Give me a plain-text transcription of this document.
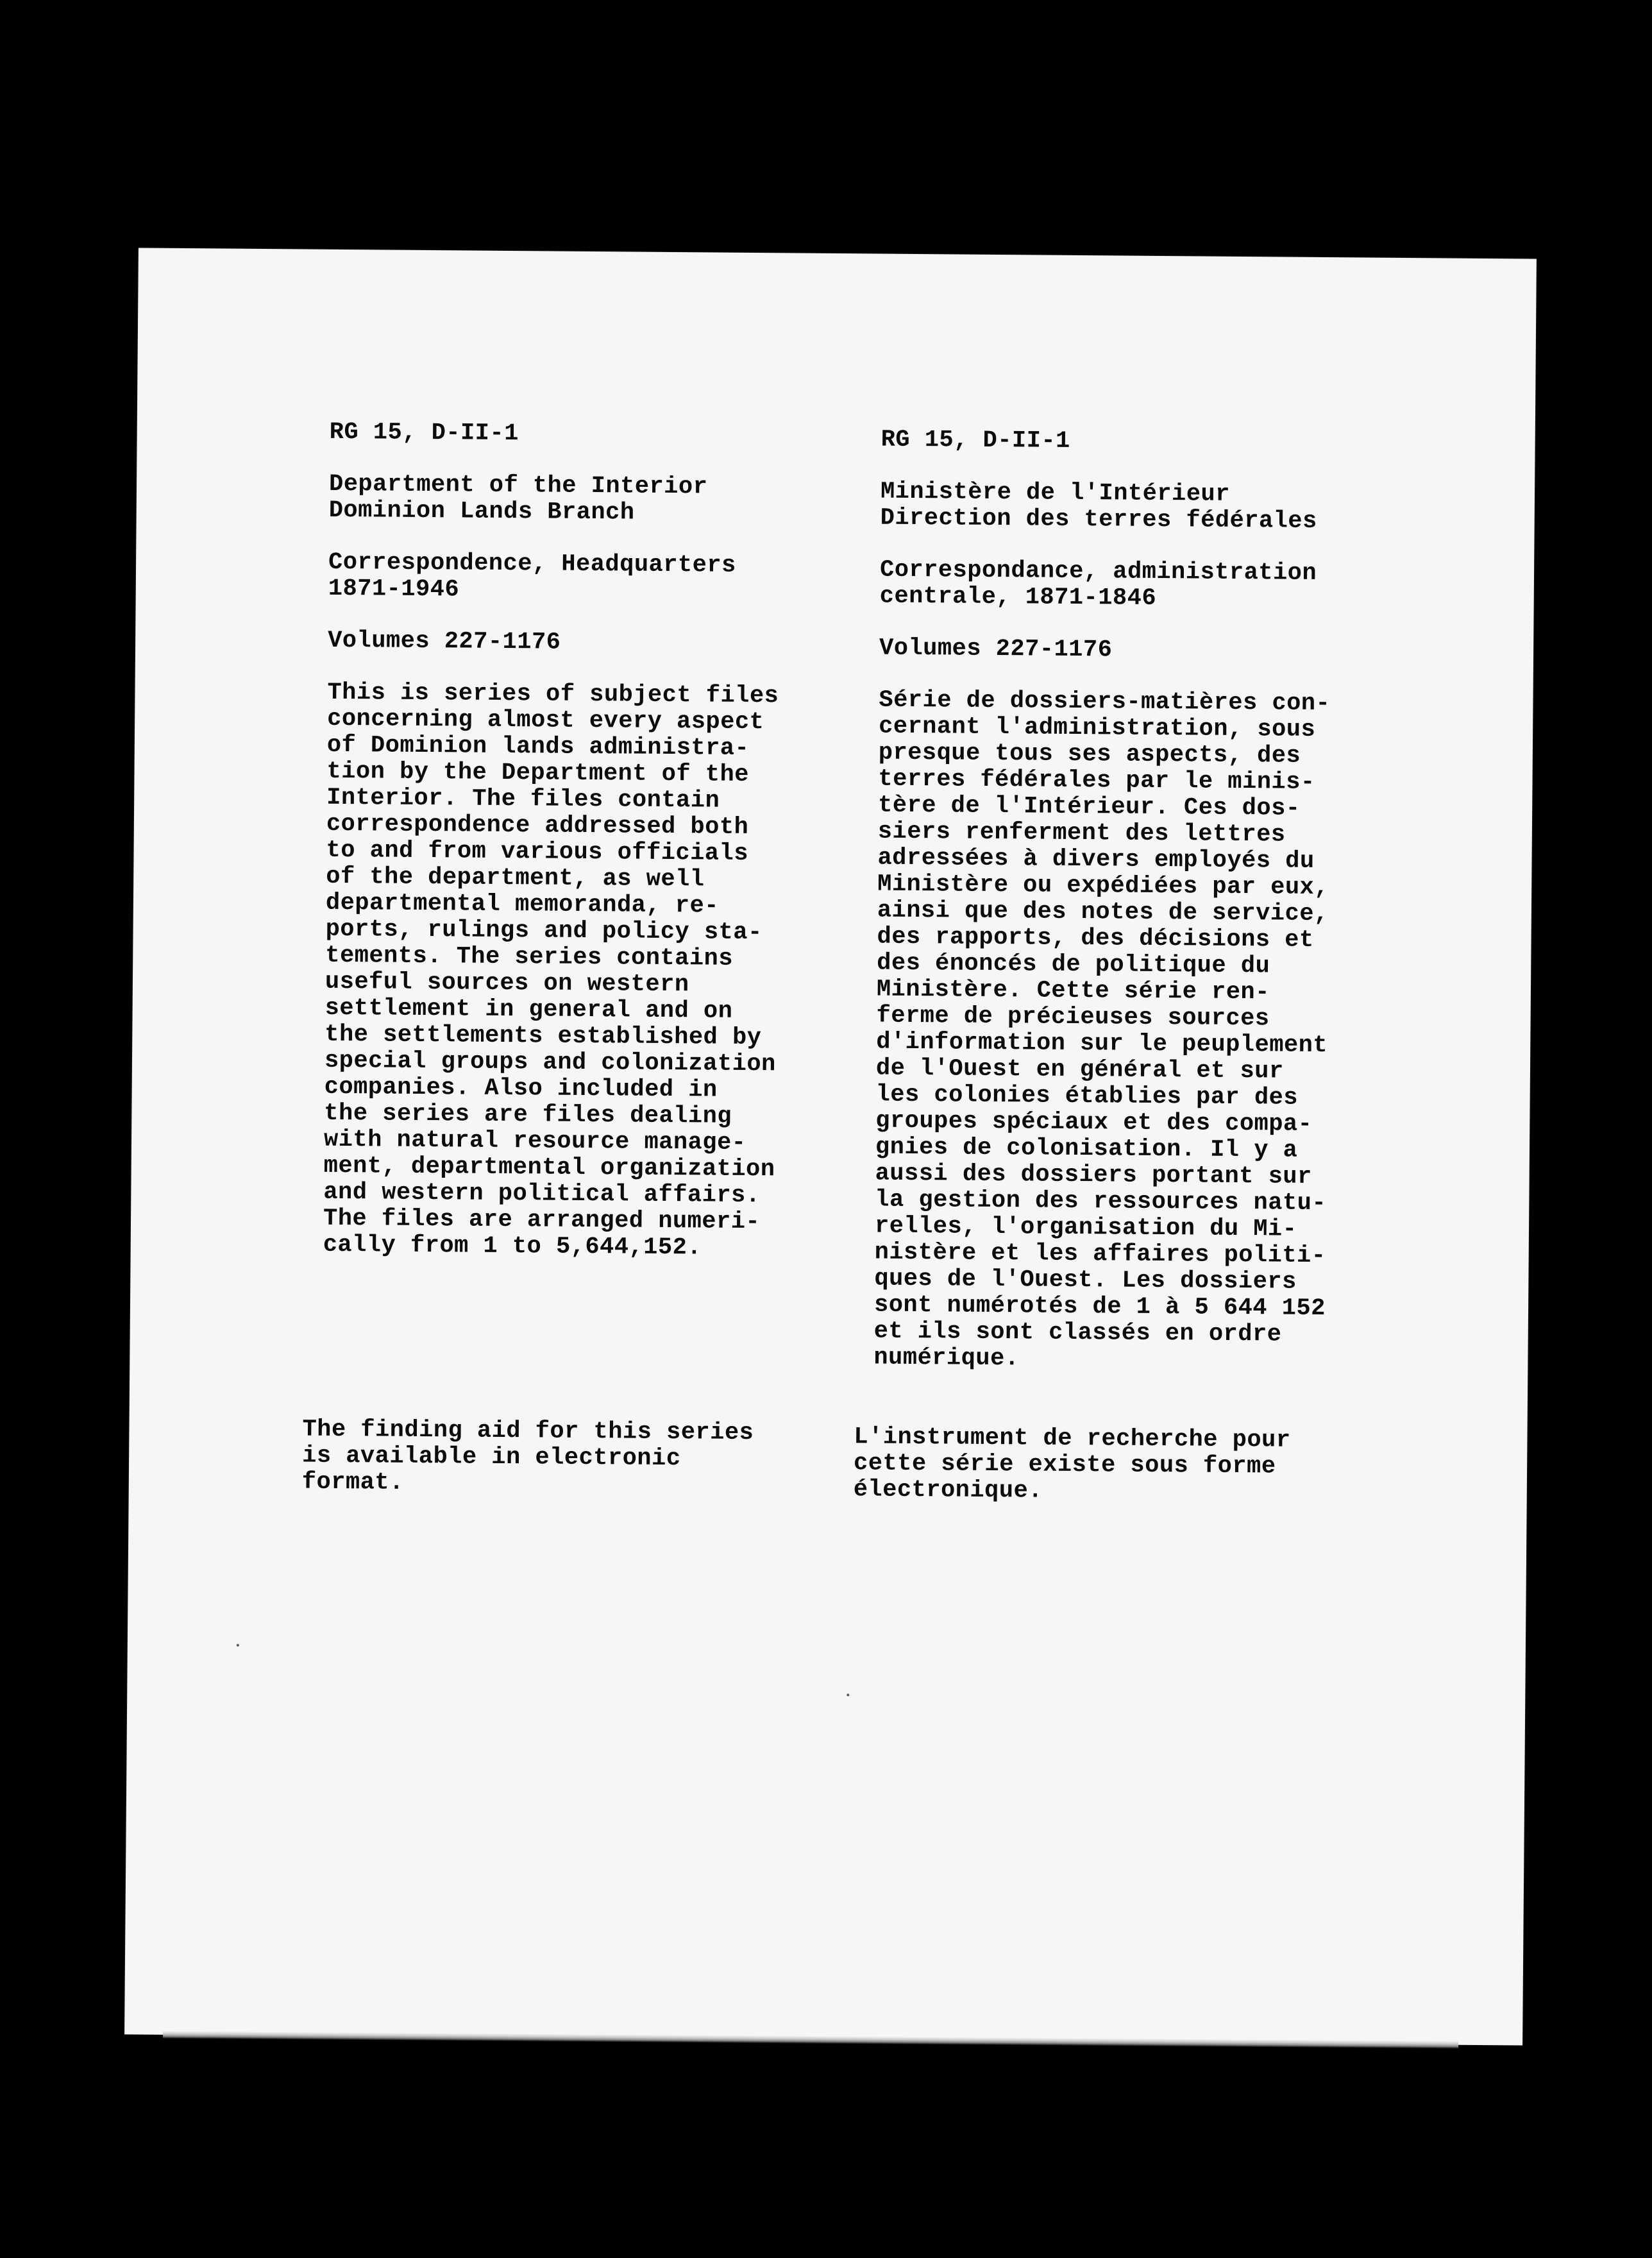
RG 15, D-II-1
Department of the Interior
Dominion Lands Branch
Correspondence, Headquarters
1871-1946
Volumes 227-1176
This is series of subject files
concerning almost every aspect
of Dominion lands administra-
tion by the Department of the
Interior. The files contain
correspondence addressed both
to and from various officials
of the department, as well
departmental memoranda, re-
ports, rulings and policy sta-
tements. The series contains
useful sources on western
settlement in general and on
the settlements established by
special groups and colonization
companies. Also included in
the series are files dealing
with natural resource manage-
ment, departmental organization
and western political affairs.
The files are arranged numeri-
cally from 1 to 5,644,152.
The finding aid for this series
is available in electronic
format.
RG 15, D-II-1
Ministère de l'Intérieur
Direction des terres fédérales
Correspondance, administration
centrale, 1871-1846
Volumes 227-1176
Série de dossiers-matières con-
cernant l'administration, sous
presque tous ses aspects, des
terres fédérales par le minis-
tère de l'Intérieur. Ces dos-
siers renferment des lettres
adressées à divers employés du
Ministère ou expédiées par eux,
ainsi que des notes de service,
des rapports, des décisions et
des énoncés de politique du
Ministère. Cette série ren-
ferme de précieuses sources
d'information sur le peuplement
de l'Ouest en général et sur
les colonies établies par des
groupes spéciaux et des compa-
gnies de colonisation. Il y a
aussi des dossiers portant sur
la gestion des ressources natu-
relles, l'organisation du Mi-
nistère et les affaires politi-
ques de l'Ouest. Les dossiers
sont numérotés de 1 à 5 644 152
et ils sont classés en ordre
numérique.
L'instrument de recherche pour
cette série existe sous forme
électronique.
